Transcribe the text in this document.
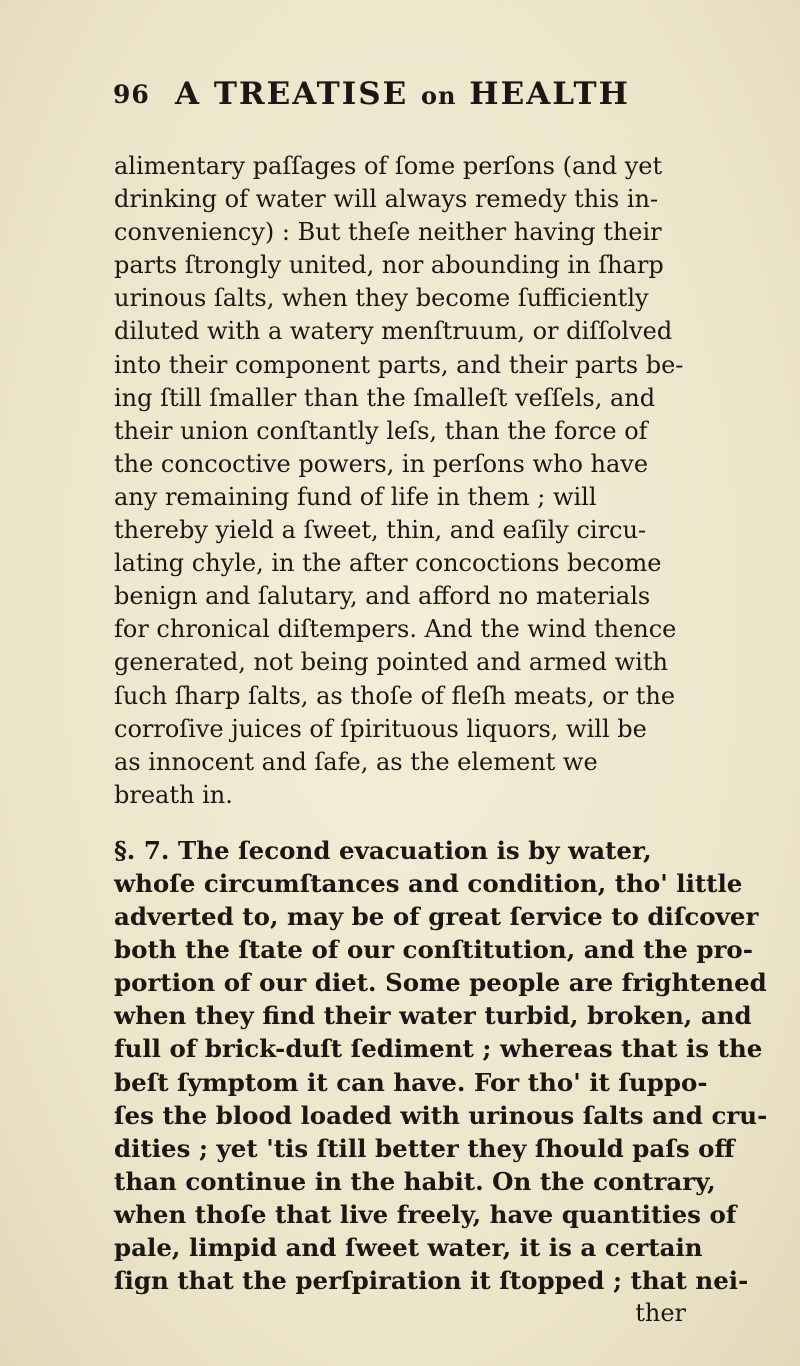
96 A TREATISE on HEALTH
alimentary paſſages of ſome perſons (and yet
drinking of water will always remedy this in-
conveniency) : But theſe neither having their
parts ſtrongly united, nor abounding in ſharp
urinous ſalts, when they become ſufficiently
diluted with a watery menſtruum, or diſſolved
into their component parts, and their parts be-
ing ſtill ſmaller than the ſmalleſt veſſels, and
their union conſtantly leſs, than the force of
the concoctive powers, in perſons who have
any remaining fund of life in them ; will
thereby yield a ſweet, thin, and eaſily circu-
lating chyle, in the after concoctions become
benign and ſalutary, and afford no materials
for chronical diſtempers. And the wind thence
generated, not being pointed and armed with
ſuch ſharp ſalts, as thoſe of fleſh meats, or the
corroſive juices of ſpirituous liquors, will be
as innocent and ſafe, as the element we
breath in.
§. 7. The ſecond evacuation is by water,
whoſe circumſtances and condition, tho' little
adverted to, may be of great ſervice to diſcover
both the ſtate of our conſtitution, and the pro-
portion of our diet. Some people are frightened
when they find their water turbid, broken, and
full of brick-duſt ſediment ; whereas that is the
beſt ſymptom it can have. For tho' it ſuppo-
ſes the blood loaded with urinous ſalts and cru-
dities ; yet 'tis ſtill better they ſhould paſs off
than continue in the habit. On the contrary,
when thoſe that live freely, have quantities of
pale, limpid and ſweet water, it is a certain
ſign that the perſpiration it ſtopped ; that nei-
ther
